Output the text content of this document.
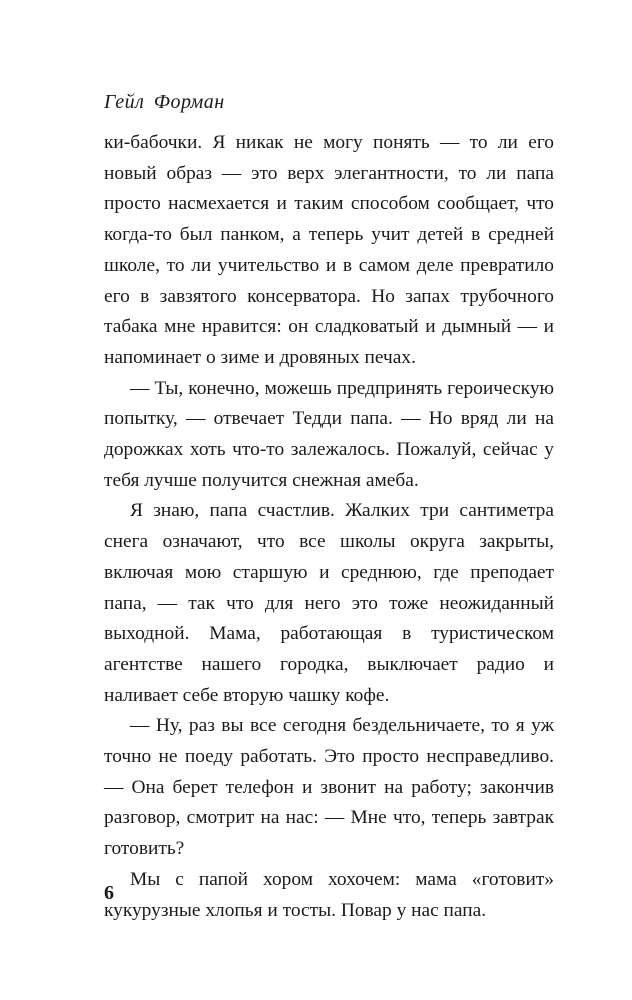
Гейл Форман

ки-бабочки. Я никак не могу понять — то ли его новый образ — это верх элегантности, то ли папа просто насмехается и таким способом сообщает, что когда-то был панком, а теперь учит детей в средней школе, то ли учительство и в самом деле превратило его в завзятого консерватора. Но запах трубочного табака мне нравится: он сладковатый и дымный — и напоминает о зиме и дровяных печах.

— Ты, конечно, можешь предпринять героическую попытку, — отвечает Тедди папа. — Но вряд ли на дорожках хоть что-то залежалось. Пожалуй, сейчас у тебя лучше получится снежная амеба.

Я знаю, папа счастлив. Жалких три сантиметра снега означают, что все школы округа закрыты, включая мою старшую и среднюю, где преподает папа, — так что для него это тоже неожиданный выходной. Мама, работающая в туристическом агентстве нашего городка, выключает радио и наливает себе вторую чашку кофе.

— Ну, раз вы все сегодня бездельничаете, то я уж точно не поеду работать. Это просто несправедливо. — Она берет телефон и звонит на работу; закончив разговор, смотрит на нас: — Мне что, теперь завтрак готовить?

Мы с папой хором хохочем: мама «готовит» кукурузные хлопья и тосты. Повар у нас папа.

6
